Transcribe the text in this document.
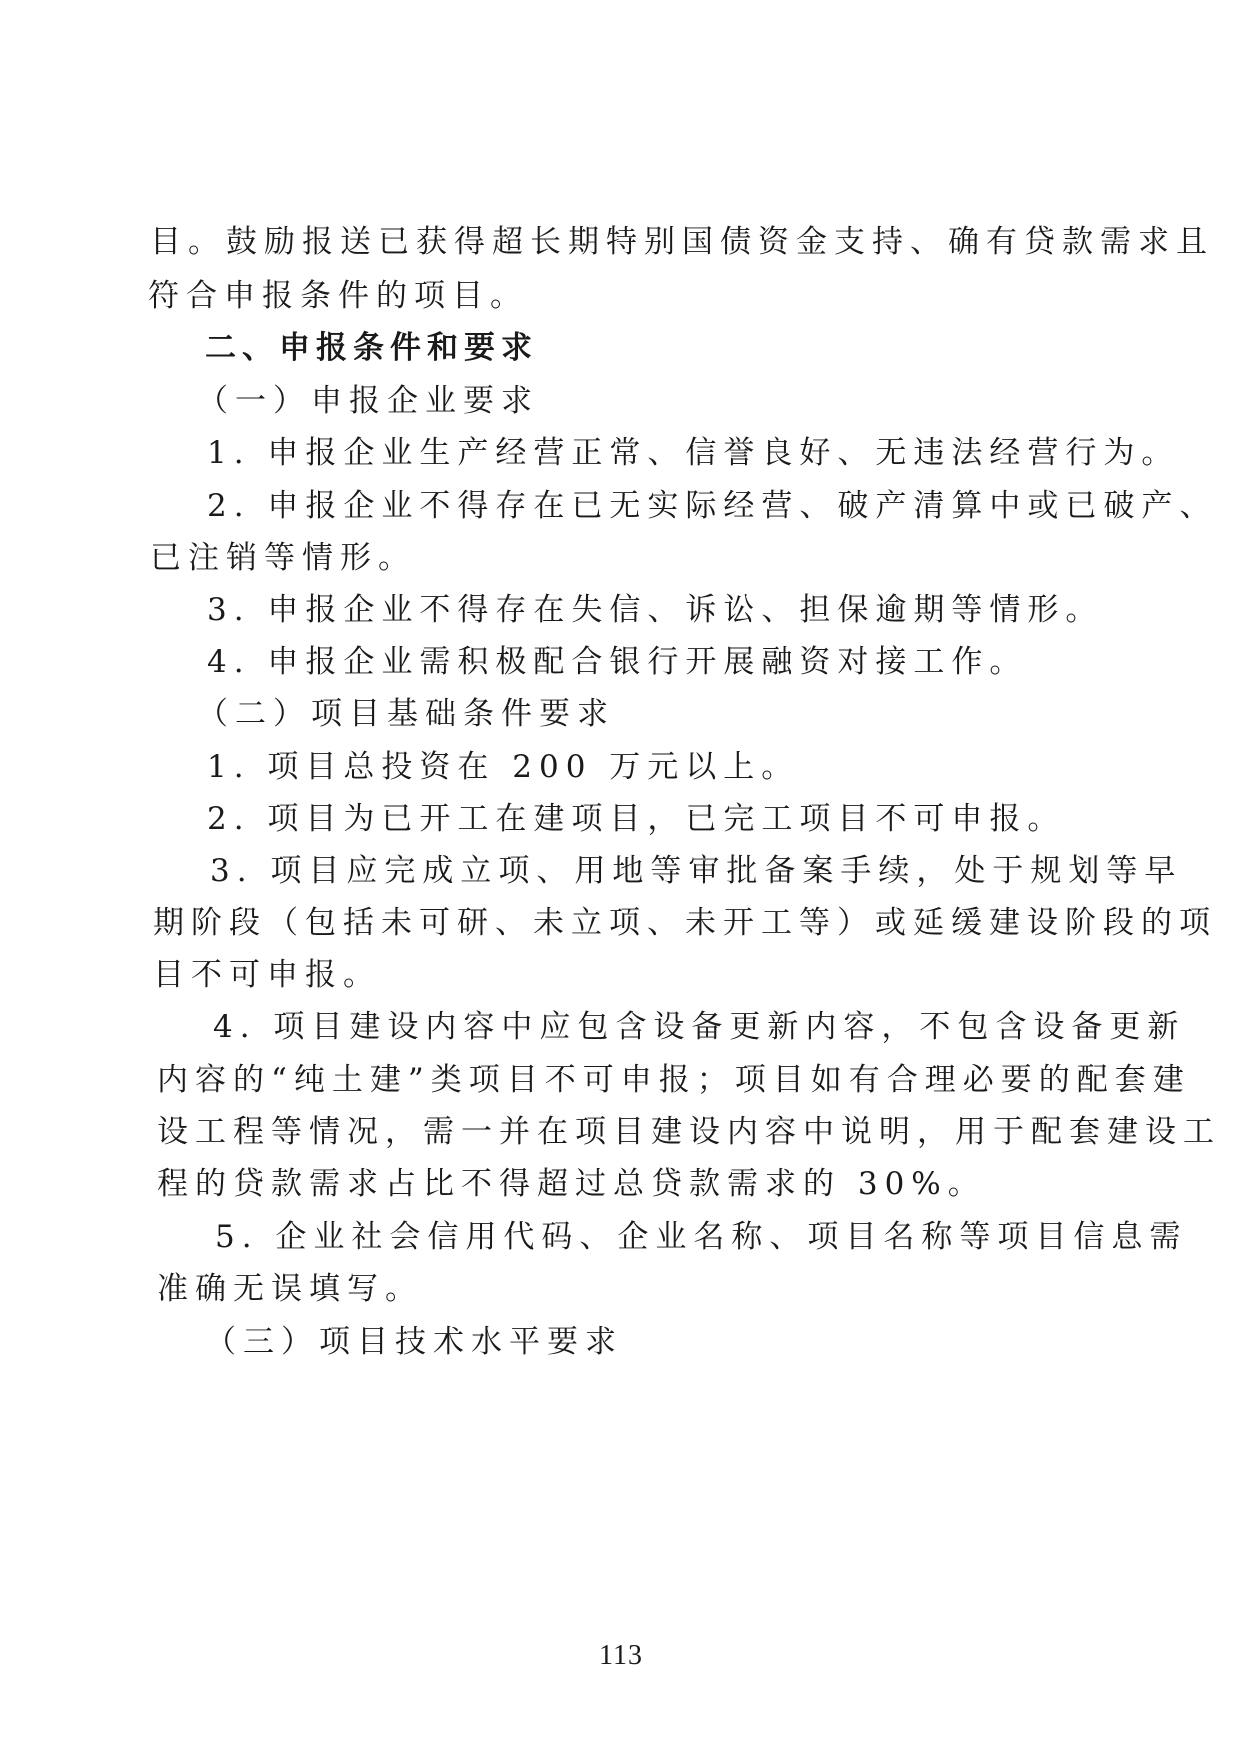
目。鼓励报送已获得超长期特别国债资金支持、确有贷款需求且
符合申报条件的项目。
二、申报条件和要求
（一）申报企业要求
1. 申报企业生产经营正常、信誉良好、无违法经营行为。
2. 申报企业不得存在已无实际经营、破产清算中或已破产、
已注销等情形。
3. 申报企业不得存在失信、诉讼、担保逾期等情形。
4. 申报企业需积极配合银行开展融资对接工作。
（二）项目基础条件要求
1. 项目总投资在 200 万元以上。
2. 项目为已开工在建项目，已完工项目不可申报。
3. 项目应完成立项、用地等审批备案手续，处于规划等早
期阶段（包括未可研、未立项、未开工等）或延缓建设阶段的项
目不可申报。
4. 项目建设内容中应包含设备更新内容，不包含设备更新
内容的“纯土建”类项目不可申报；项目如有合理必要的配套建
设工程等情况，需一并在项目建设内容中说明，用于配套建设工
程的贷款需求占比不得超过总贷款需求的 30%。
5. 企业社会信用代码、企业名称、项目名称等项目信息需
准确无误填写。
（三）项目技术水平要求
113
